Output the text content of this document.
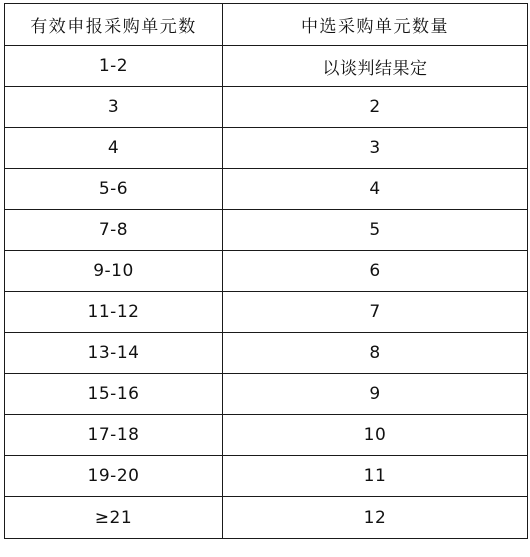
有效申报采购单元数	中选采购单元数量
1-2	以谈判结果定
3	2
4	3
5-6	4
7-8	5
9-10	6
11-12	7
13-14	8
15-16	9
17-18	10
19-20	11
≥21	12
